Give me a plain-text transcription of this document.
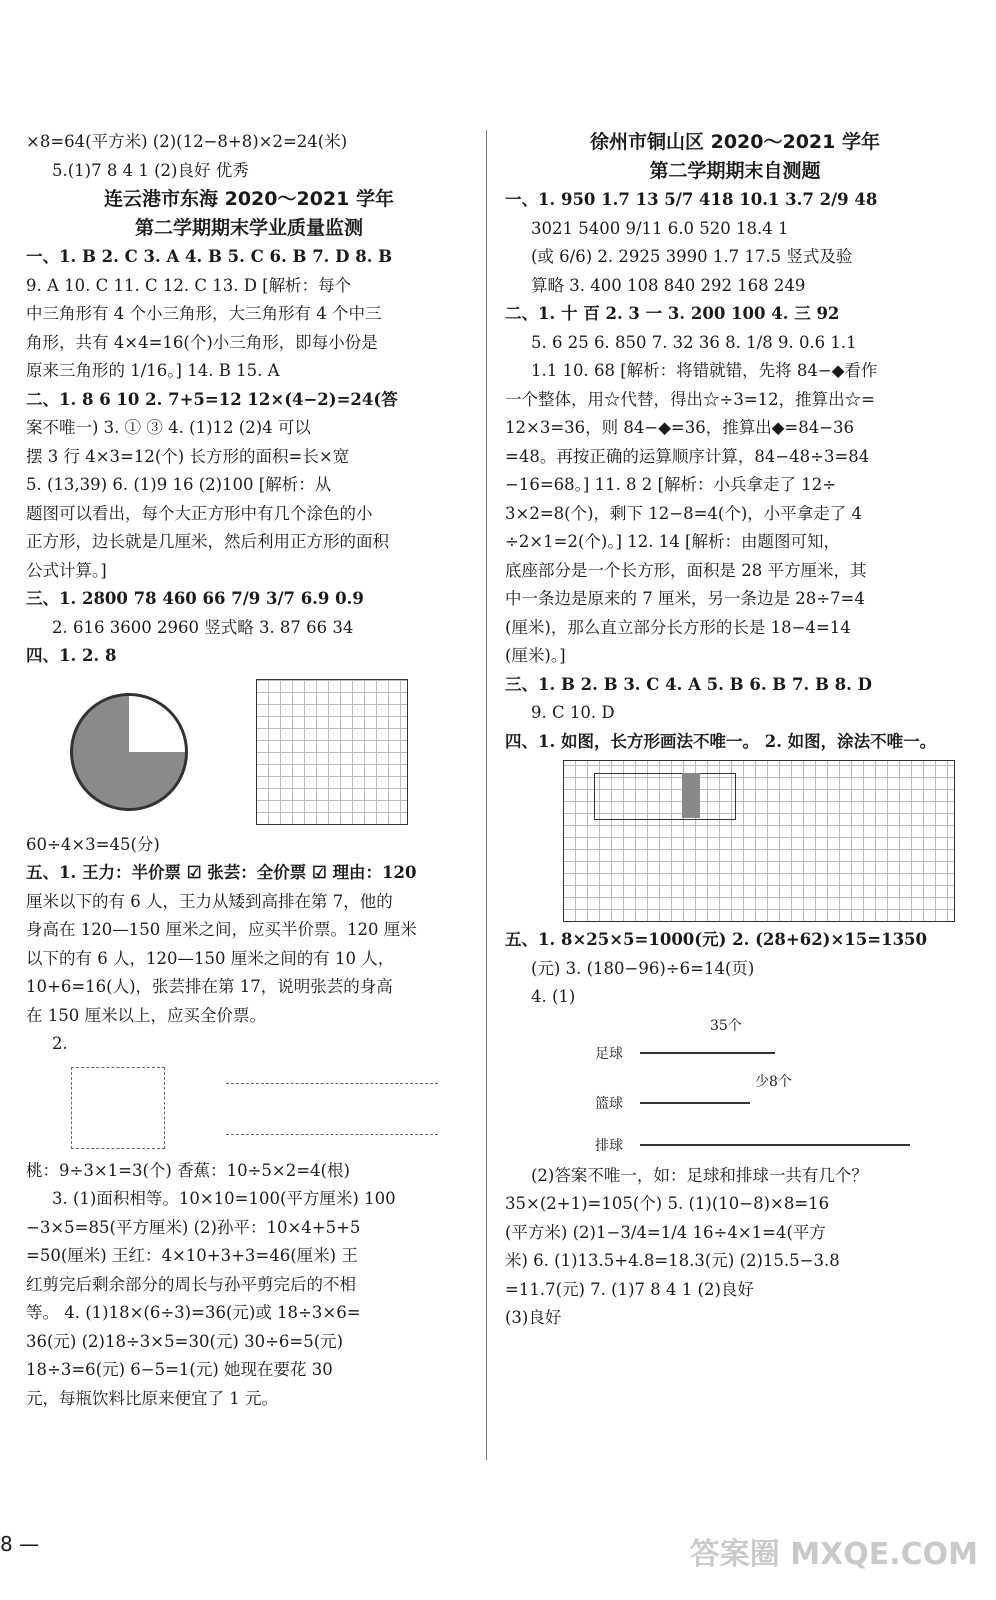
×8=64(平方米) (2)(12−8+8)×2=24(米)
5.(1)7 8 4 1 (2)良好 优秀
连云港市东海 2020～2021 学年
第二学期期末学业质量监测
一、1. B 2. C 3. A 4. B 5. C 6. B 7. D 8. B
9. A 10. C 11. C 12. C 13. D [解析：每个
中三角形有 4 个小三角形，大三角形有 4 个中三
角形，共有 4×4=16(个)小三角形，即每小份是
原来三角形的 1/16。] 14. B 15. A
二、1. 8 6 10 2. 7+5=12 12×(4−2)=24(答
案不唯一) 3. ① ③ 4. (1)12 (2)4 可以
摆 3 行 4×3=12(个) 长方形的面积=长×宽
5. (13,39) 6. (1)9 16 (2)100 [解析：从
题图可以看出，每个大正方形中有几个涂色的小
正方形，边长就是几厘米，然后利用正方形的面积
公式计算。]
三、1. 2800 78 460 66 7/9 3/7 6.9 0.9
2. 616 3600 2960 竖式略 3. 87 66 34
四、1. 2. 8
60÷4×3=45(分)
五、1. 王力：半价票 ☑ 张芸：全价票 ☑ 理由：120
厘米以下的有 6 人，王力从矮到高排在第 7，他的
身高在 120—150 厘米之间，应买半价票。120 厘米
以下的有 6 人，120—150 厘米之间的有 10 人，
10+6=16(人)，张芸排在第 17，说明张芸的身高
在 150 厘米以上，应买全价票。
2.
桃：9÷3×1=3(个) 香蕉：10÷5×2=4(根)
3. (1)面积相等。10×10=100(平方厘米) 100
−3×5=85(平方厘米) (2)孙平：10×4+5+5
=50(厘米) 王红：4×10+3+3=46(厘米) 王
红剪完后剩余部分的周长与孙平剪完后的不相
等。 4. (1)18×(6÷3)=36(元)或 18÷3×6=
36(元) (2)18÷3×5=30(元) 30÷6=5(元)
18÷3=6(元) 6−5=1(元) 她现在要花 30
元，每瓶饮料比原来便宜了 1 元。
徐州市铜山区 2020～2021 学年
第二学期期末自测题
一、1. 950 1.7 13 5/7 418 10.1 3.7 2/9 48
3021 5400 9/11 6.0 520 18.4 1
(或 6/6) 2. 2925 3990 1.7 17.5 竖式及验
算略 3. 400 108 840 292 168 249
二、1. 十 百 2. 3 一 3. 200 100 4. 三 92
5. 6 25 6. 850 7. 32 36 8. 1/8 9. 0.6 1.1
1.1 10. 68 [解析：将错就错，先将 84−◆看作
一个整体，用☆代替，得出☆÷3=12，推算出☆=
12×3=36，则 84−◆=36，推算出◆=84−36
=48。再按正确的运算顺序计算，84−48÷3=84
−16=68。] 11. 8 2 [解析：小兵拿走了 12÷
3×2=8(个)，剩下 12−8=4(个)，小平拿走了 4
÷2×1=2(个)。] 12. 14 [解析：由题图可知，
底座部分是一个长方形，面积是 28 平方厘米，其
中一条边是原来的 7 厘米，另一条边是 28÷7=4
(厘米)，那么直立部分长方形的长是 18−4=14
(厘米)。]
三、1. B 2. B 3. C 4. A 5. B 6. B 7. B 8. D
9. C 10. D
四、1. 如图，长方形画法不唯一。 2. 如图，涂法不唯一。
五、1. 8×25×5=1000(元) 2. (28+62)×15=1350
(元) 3. (180−96)÷6=14(页)
4. (1)
35个
足球
篮球
少8个
排球
(2)答案不唯一，如：足球和排球一共有几个？
35×(2+1)=105(个) 5. (1)(10−8)×8=16
(平方米) (2)1−3/4=1/4 16÷4×1=4(平方
米) 6. (1)13.5+4.8=18.3(元) (2)15.5−3.8
=11.7(元) 7. (1)7 8 4 1 (2)良好
(3)良好
8 —	答案圈 MXQE.COM
